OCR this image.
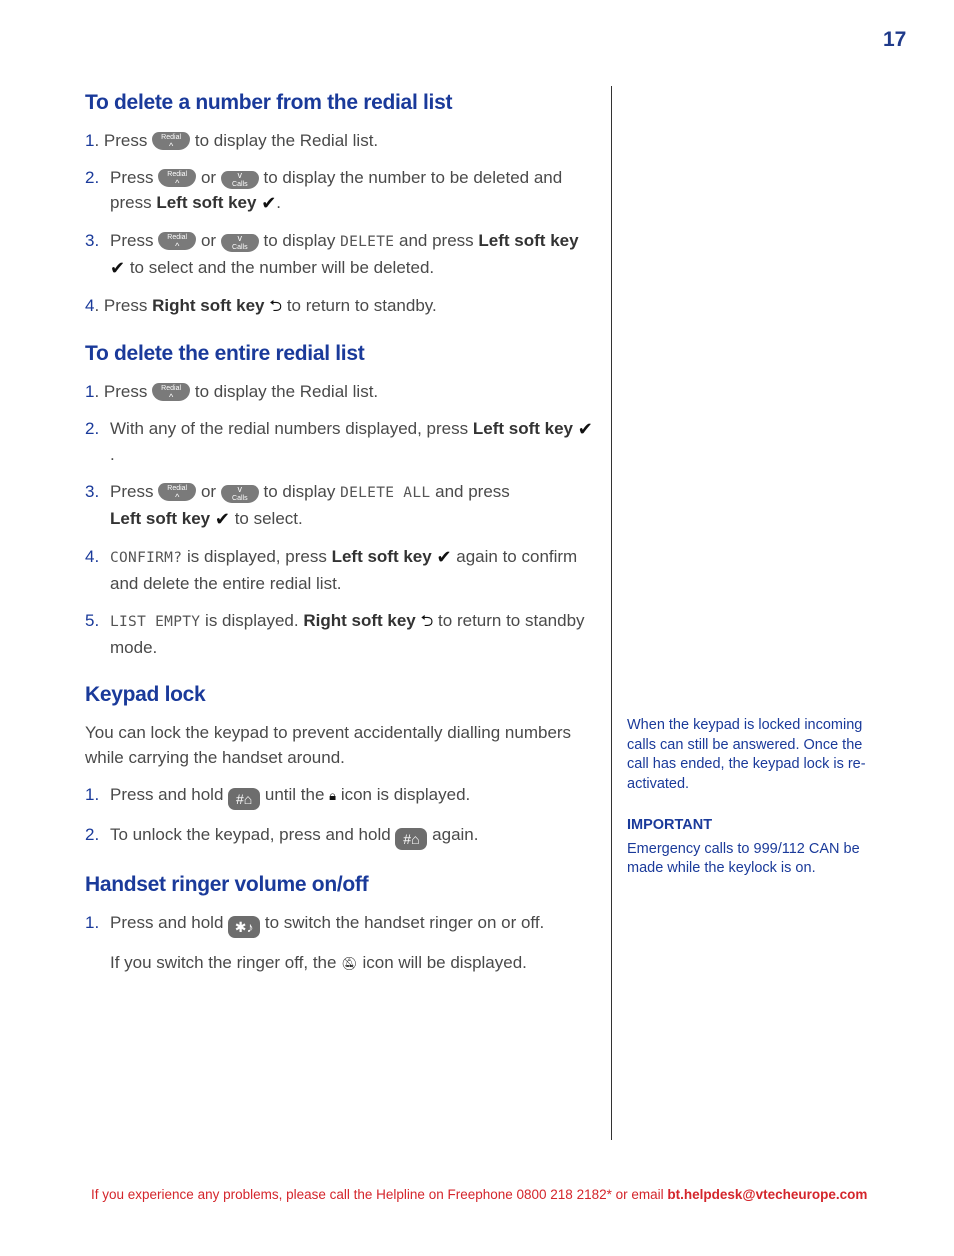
17
To delete a number from the redial list
1. Press	Redial
^	to display the Redial list.
2. Press	Redial
^	or	v
Calls to display the number to be deleted and press Left soft key ✔.
3. Press	Redial
^	or	v
Calls to display DELETE and press Left soft key ✔ to select and the number will be deleted.
4. Press Right soft key ⮌ to return to standby.
To delete the entire redial list
1. Press	Redial
^	to display the Redial list.
2. With any of the redial numbers displayed, press Left soft key ✔.
3. Press	Redial
^	or	v
Calls to display DELETE ALL and press
Left soft key ✔ to select.
4. CONFIRM? is displayed, press Left soft key ✔ again to confirm and delete the entire redial list.
5. LIST EMPTY is displayed. Right soft key ⮌ to return to standby mode.
Keypad lock
You can lock the keypad to prevent accidentally dialling numbers while carrying the handset around.
1. Press and hold #⌂ until the 🔒︎ icon is displayed.
2. To unlock the keypad, press and hold #⌂ again.
Handset ringer volume on/off
1. Press and hold ✱♪ to switch the handset ringer on or off.
If you switch the ringer off, the 🔕︎ icon will be displayed.

When the keypad is locked incoming calls can still be answered. Once the call has ended, the keypad lock is re-activated.

IMPORTANT

Emergency calls to 999/112 CAN be made while the keylock is on.

If you experience any problems, please call the Helpline on Freephone 0800 218 2182* or email bt.helpdesk@vtecheurope.com
